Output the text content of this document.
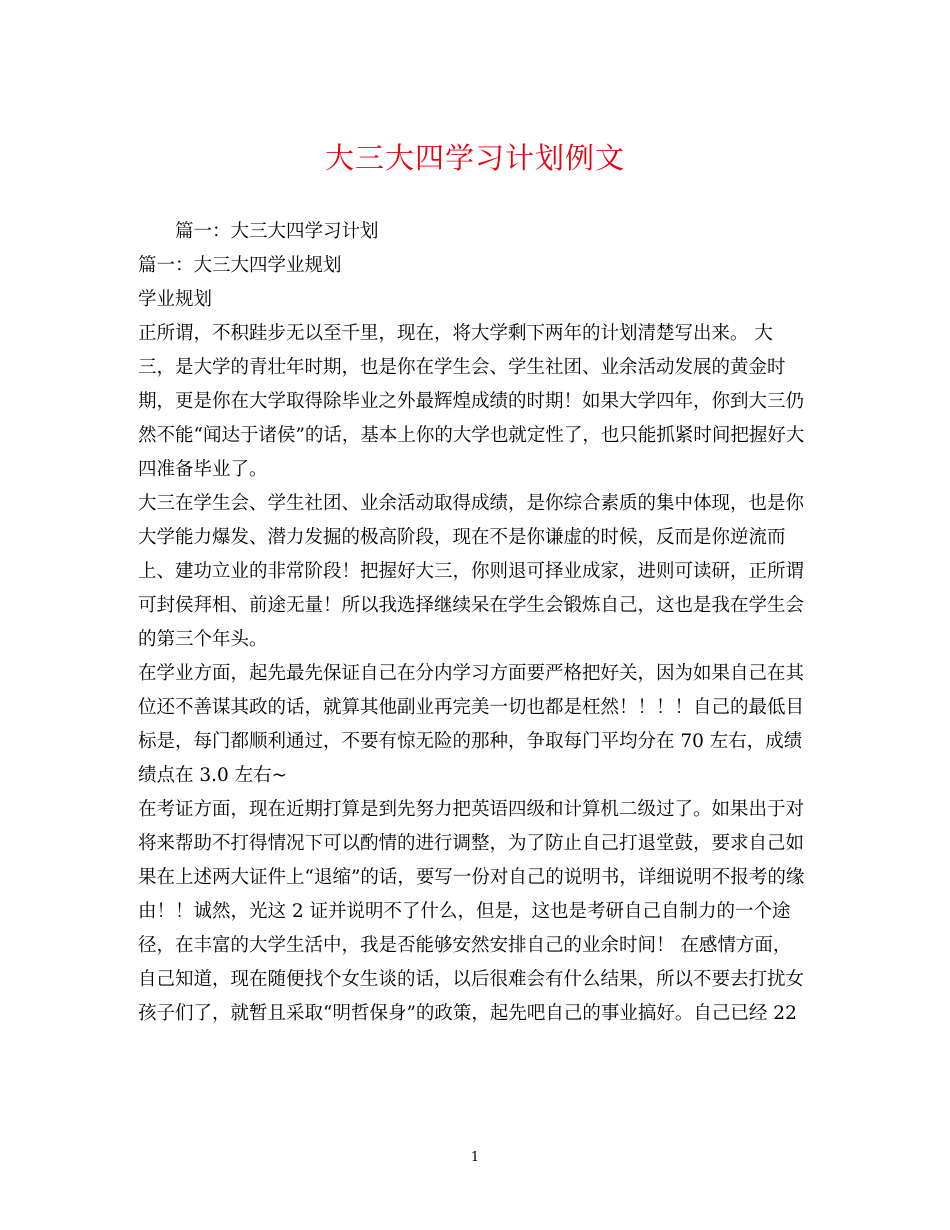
大三大四学习计划例文
篇一：大三大四学习计划
篇一：大三大四学业规划
学业规划
正所谓，不积跬步无以至千里，现在，将大学剩下两年的计划清楚写出来。 大
三，是大学的青壮年时期，也是你在学生会、学生社团、业余活动发展的黄金时
期，更是你在大学取得除毕业之外最辉煌成绩的时期！如果大学四年，你到大三仍
然不能“闻达于诸侯”的话，基本上你的大学也就定性了，也只能抓紧时间把握好大
四准备毕业了。
大三在学生会、学生社团、业余活动取得成绩，是你综合素质的集中体现，也是你
大学能力爆发、潜力发掘的极高阶段，现在不是你谦虚的时候，反而是你逆流而
上、建功立业的非常阶段！把握好大三，你则退可择业成家，进则可读研，正所谓
可封侯拜相、前途无量！所以我选择继续呆在学生会锻炼自己，这也是我在学生会
的第三个年头。
在学业方面，起先最先保证自己在分内学习方面要严格把好关，因为如果自己在其
位还不善谋其政的话，就算其他副业再完美一切也都是枉然！！！！自己的最低目
标是，每门都顺利通过，不要有惊无险的那种，争取每门平均分在 70 左右，成绩
绩点在 3.0 左右~
在考证方面，现在近期打算是到先努力把英语四级和计算机二级过了。如果出于对
将来帮助不打得情况下可以酌情的进行调整，为了防止自己打退堂鼓，要求自己如
果在上述两大证件上“退缩”的话，要写一份对自己的说明书，详细说明不报考的缘
由！！诚然，光这 2 证并说明不了什么，但是，这也是考研自己自制力的一个途
径，在丰富的大学生活中，我是否能够安然安排自己的业余时间！ 在感情方面，
自己知道，现在随便找个女生谈的话，以后很难会有什么结果，所以不要去打扰女
孩子们了，就暂且采取“明哲保身”的政策，起先吧自己的事业搞好。自己已经 22
1
